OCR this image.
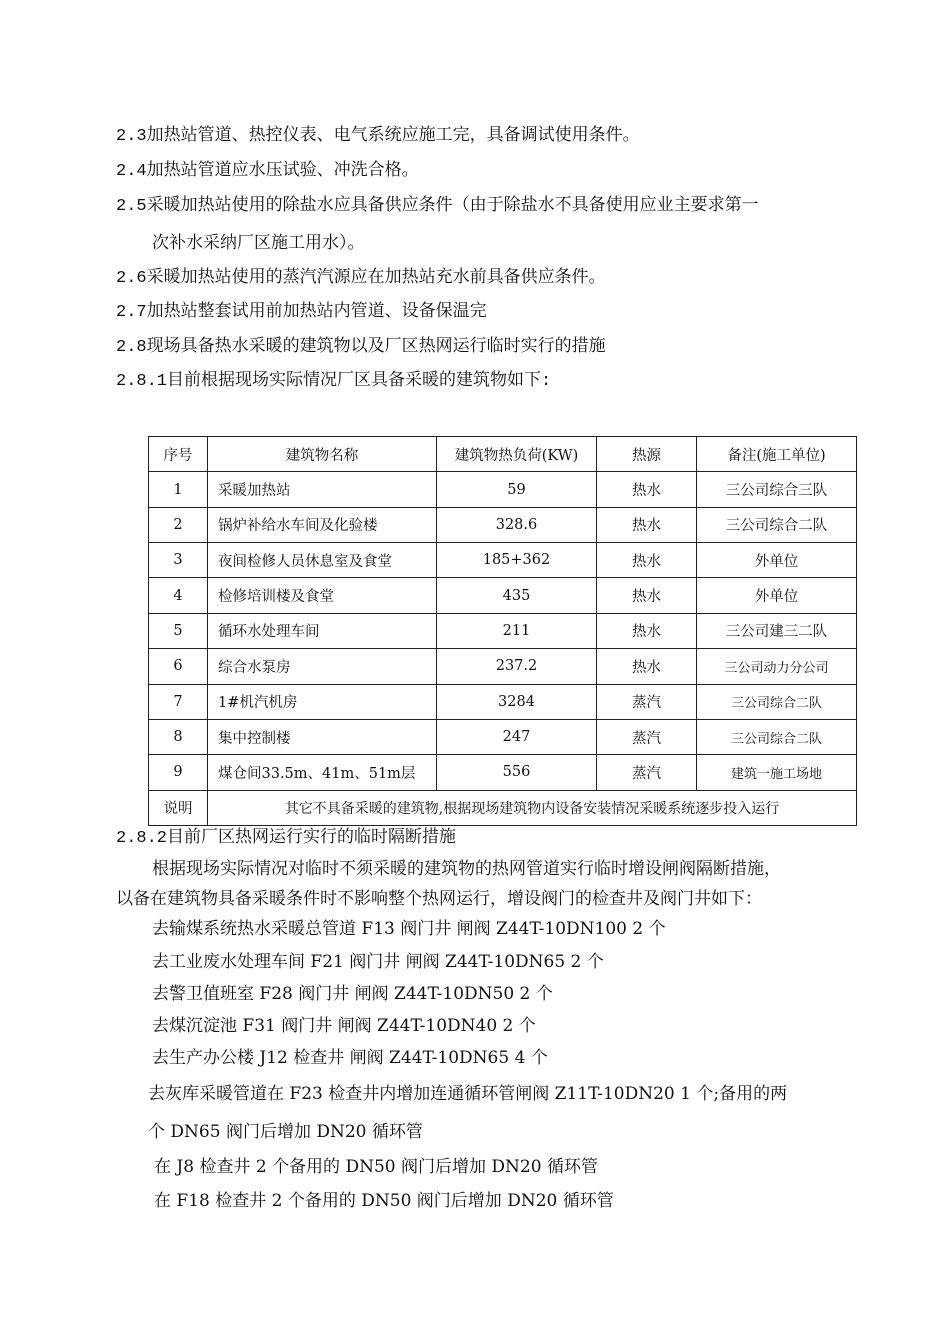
2.3加热站管道、热控仪表、电气系统应施工完，具备调试使用条件。
2.4加热站管道应水压试验、冲洗合格。
2.5采暖加热站使用的除盐水应具备供应条件（由于除盐水不具备使用应业主要求第一
次补水采纳厂区施工用水）。
2.6采暖加热站使用的蒸汽汽源应在加热站充水前具备供应条件。
2.7加热站整套试用前加热站内管道、设备保温完
2.8现场具备热水采暖的建筑物以及厂区热网运行临时实行的措施
2.8.1目前根据现场实际情况厂区具备采暖的建筑物如下:
序号	建筑物名称	建筑物热负荷(KW)	热源	备注(施工单位)
1	采暖加热站	59	热水	三公司综合三队
2	锅炉补给水车间及化验楼	328.6	热水	三公司综合二队
3	夜间检修人员休息室及食堂	185+362	热水	外单位
4	检修培训楼及食堂	435	热水	外单位
5	循环水处理车间	211	热水	三公司建三二队
6	综合水泵房	237.2	热水	三公司动力分公司
7	1#机汽机房	3284	蒸汽	三公司综合二队
8	集中控制楼	247	蒸汽	三公司综合二队
9	煤仓间33.5m、41m、51m层	556	蒸汽	建筑一施工场地
说明	其它不具备采暖的建筑物,根据现场建筑物内设备安装情况采暖系统逐步投入运行			
2.8.2目前厂区热网运行实行的临时隔断措施
根据现场实际情况对临时不须采暖的建筑物的热网管道实行临时增设闸阀隔断措施，
以备在建筑物具备采暖条件时不影响整个热网运行，增设阀门的检查井及阀门井如下：
去输煤系统热水采暖总管道 F13 阀门井 闸阀 Z44T-10DN100 2 个
去工业废水处理车间 F21 阀门井 闸阀 Z44T-10DN65 2 个
去警卫值班室 F28 阀门井 闸阀 Z44T-10DN50 2 个
去煤沉淀池 F31 阀门井 闸阀 Z44T-10DN40 2 个
去生产办公楼 J12 检查井 闸阀 Z44T-10DN65 4 个
去灰库采暖管道在 F23 检查井内增加连通循环管闸阀 Z11T-10DN20 1 个;备用的两
个 DN65 阀门后增加 DN20 循环管
在 J8 检查井 2 个备用的 DN50 阀门后增加 DN20 循环管
在 F18 检查井 2 个备用的 DN50 阀门后增加 DN20 循环管
